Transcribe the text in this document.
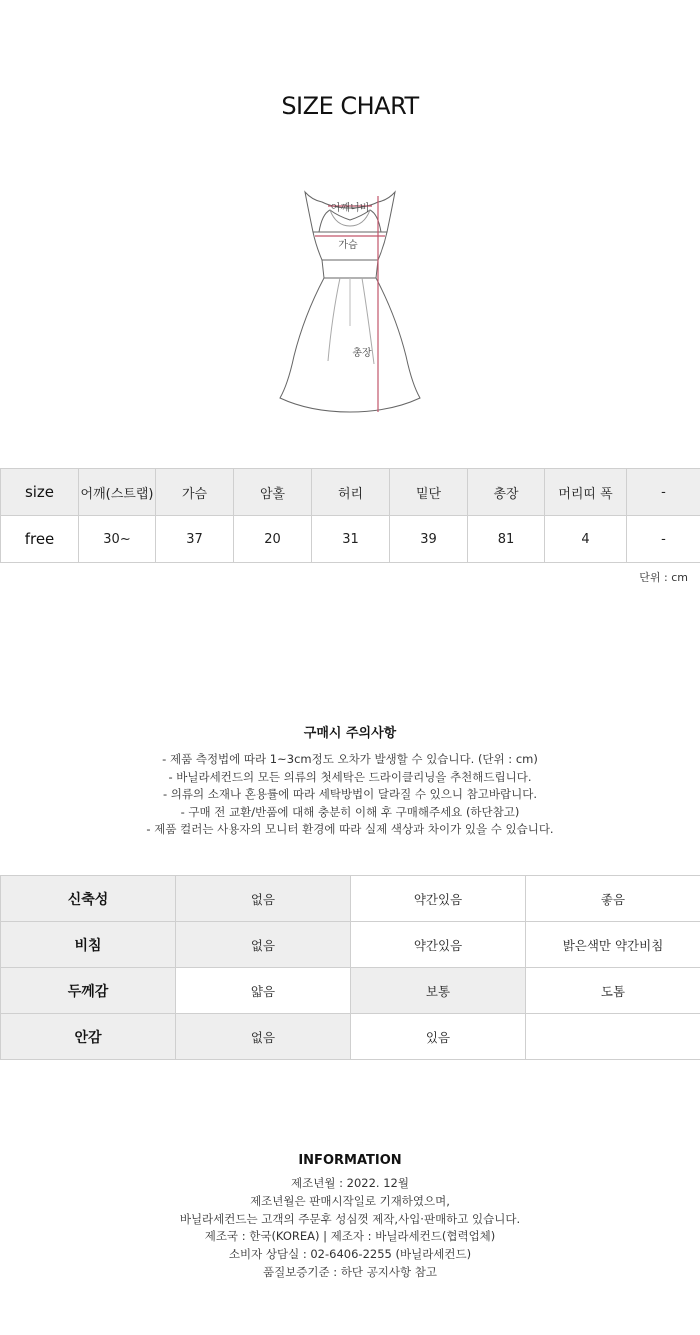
SIZE CHART
어깨너비
가슴
총장
size	어깨(스트랩)	가슴	암홀	허리	밑단	총장	머리띠 폭	-
free	30~	37	20	31	39	81	4	-
단위 : cm
구매시 주의사항
- 제품 측정법에 따라 1~3cm정도 오차가 발생할 수 있습니다. (단위 : cm)
- 바닐라세컨드의 모든 의류의 첫세탁은 드라이클리닝을 추천해드립니다.
- 의류의 소재나 혼용률에 따라 세탁방법이 달라질 수 있으니 참고바랍니다.
- 구매 전 교환/반품에 대해 충분히 이해 후 구매해주세요 (하단참고)
- 제품 컬러는 사용자의 모니터 환경에 따라 실제 색상과 차이가 있을 수 있습니다.
신축성	없음	약간있음	좋음
비침	없음	약간있음	밝은색만 약간비침
두께감	얇음	보통	도톰
안감	없음	있음	
INFORMATION
제조년월 : 2022. 12월
제조년월은 판매시작일로 기재하였으며,
바닐라세컨드는 고객의 주문후 성심껏 제작,사입·판매하고 있습니다.
제조국 : 한국(KOREA) | 제조자 : 바닐라세컨드(협력업체)
소비자 상담실 : 02-6406-2255 (바닐라세컨드)
품질보증기준 : 하단 공지사항 참고
